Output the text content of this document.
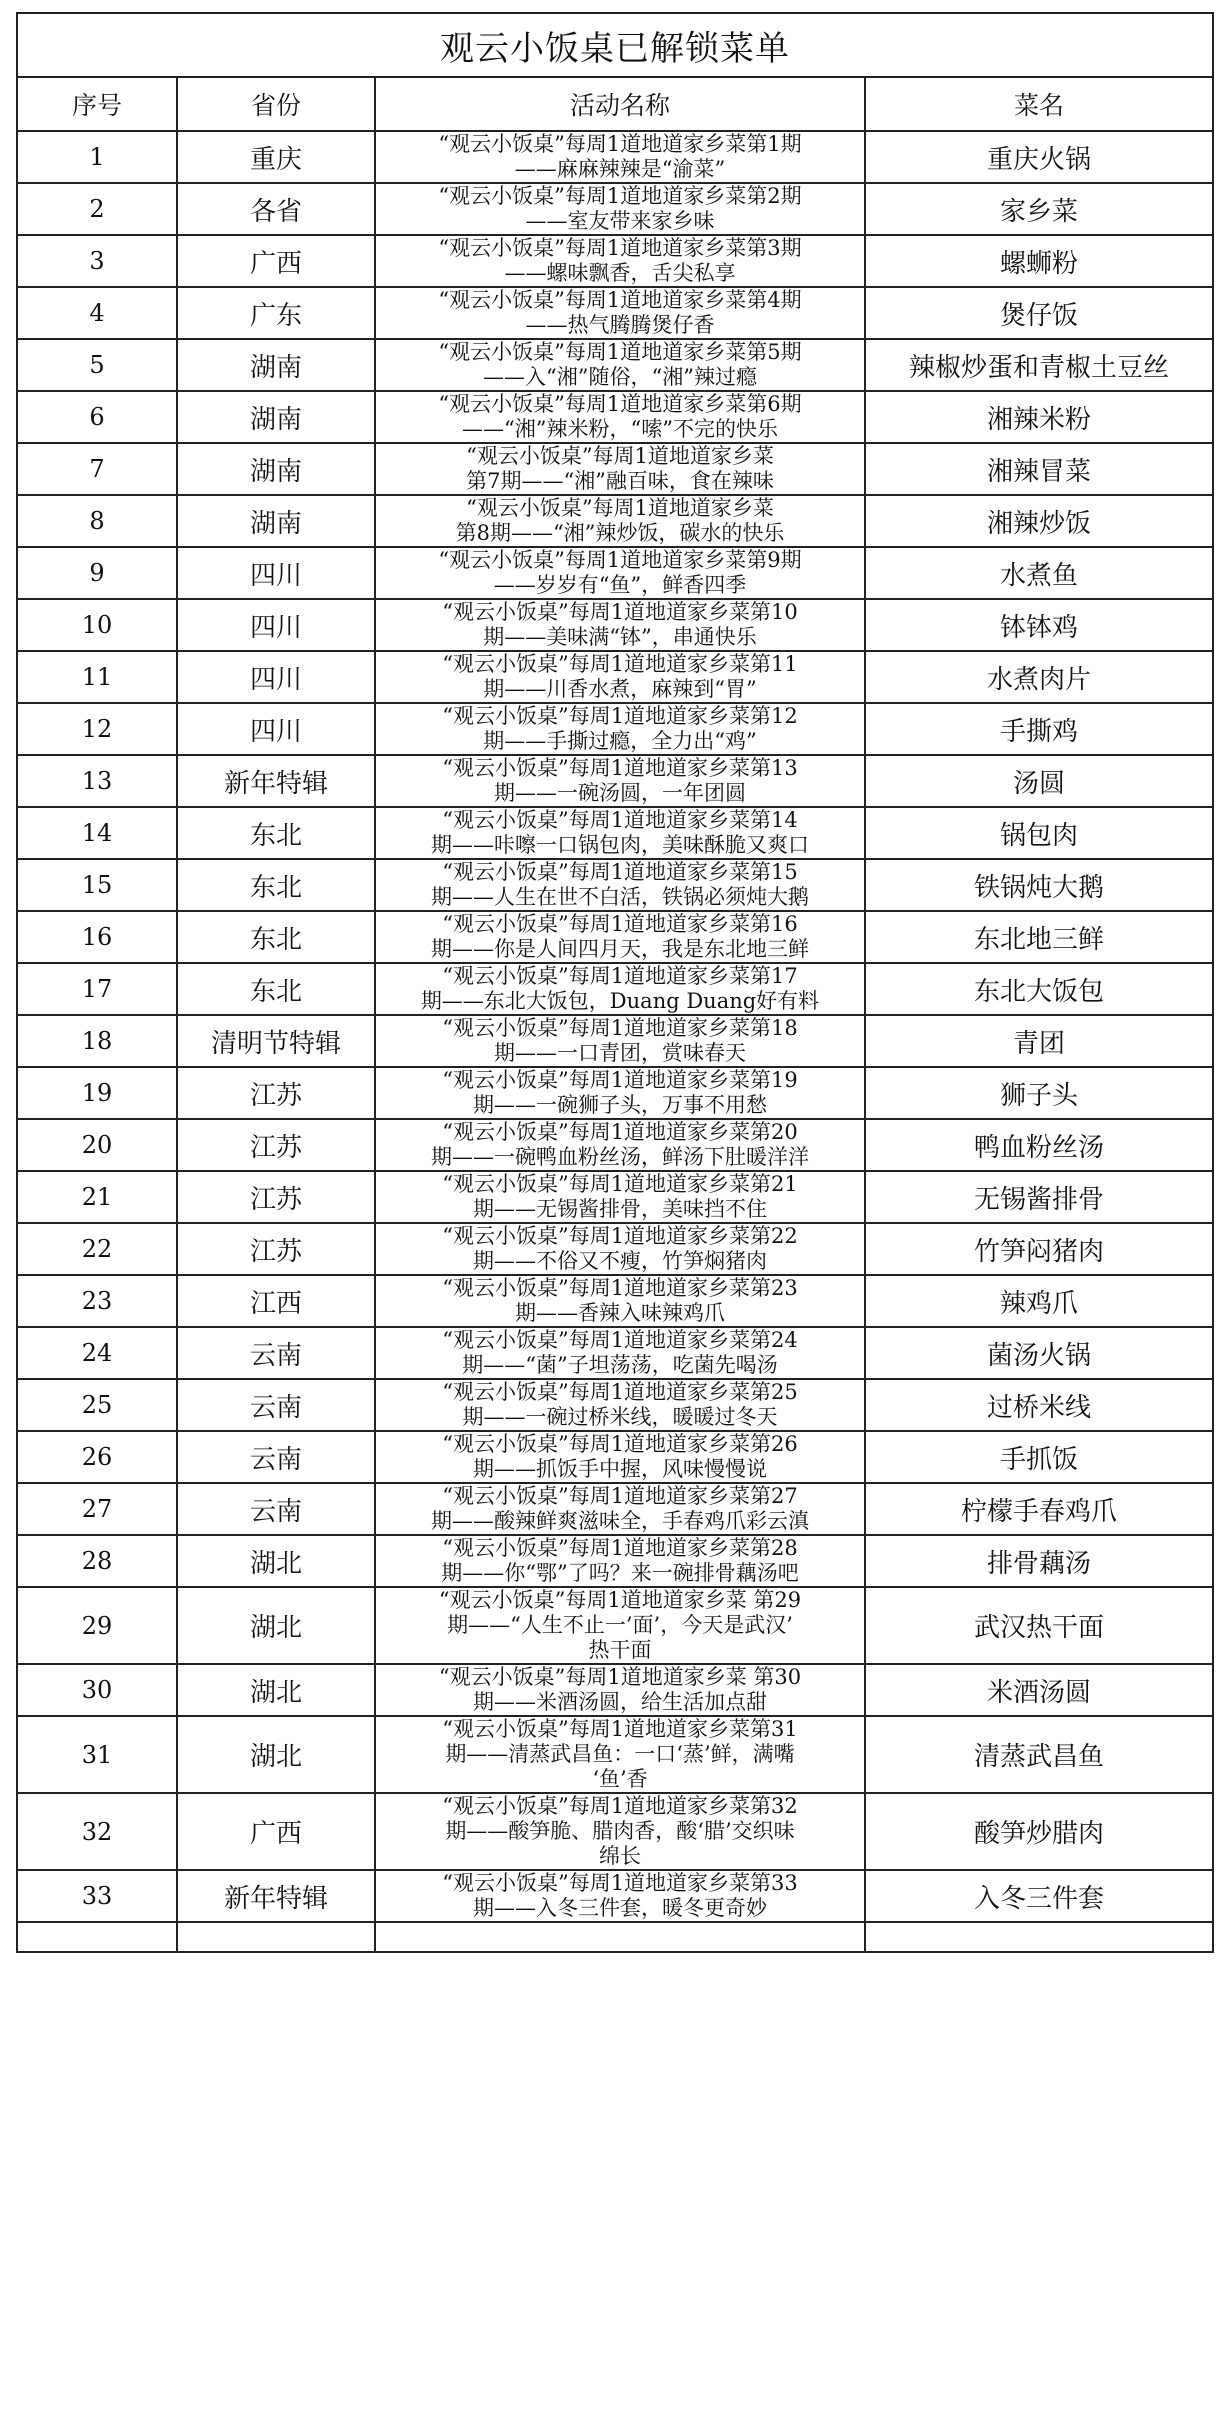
观云小饭桌已解锁菜单			
序号	省份	活动名称	菜名
1	重庆	“观云小饭桌”每周1道地道家乡菜第1期
——麻麻辣辣是“渝菜”	重庆火锅
2	各省	“观云小饭桌”每周1道地道家乡菜第2期
——室友带来家乡味	家乡菜
3	广西	“观云小饭桌”每周1道地道家乡菜第3期
——螺味飘香，舌尖私享	螺蛳粉
4	广东	“观云小饭桌”每周1道地道家乡菜第4期
——热气腾腾煲仔香	煲仔饭
5	湖南	“观云小饭桌”每周1道地道家乡菜第5期
——入“湘”随俗，“湘”辣过瘾	辣椒炒蛋和青椒土豆丝
6	湖南	“观云小饭桌”每周1道地道家乡菜第6期
——“湘”辣米粉，“嗦”不完的快乐	湘辣米粉
7	湖南	“观云小饭桌”每周1道地道家乡菜
第7期——“湘”融百味，食在辣味	湘辣冒菜
8	湖南	“观云小饭桌”每周1道地道家乡菜
第8期——“湘”辣炒饭，碳水的快乐	湘辣炒饭
9	四川	“观云小饭桌”每周1道地道家乡菜第9期
——岁岁有“鱼”，鲜香四季	水煮鱼
10	四川	“观云小饭桌”每周1道地道家乡菜第10
期——美味满“钵”，串通快乐	钵钵鸡
11	四川	“观云小饭桌”每周1道地道家乡菜第11
期——川香水煮，麻辣到“胃”	水煮肉片
12	四川	“观云小饭桌”每周1道地道家乡菜第12
期——手撕过瘾，全力出“鸡”	手撕鸡
13	新年特辑	“观云小饭桌”每周1道地道家乡菜第13
期——一碗汤圆，一年团圆	汤圆
14	东北	“观云小饭桌”每周1道地道家乡菜第14
期——咔嚓一口锅包肉，美味酥脆又爽口	锅包肉
15	东北	“观云小饭桌”每周1道地道家乡菜第15
期——人生在世不白活，铁锅必须炖大鹅	铁锅炖大鹅
16	东北	“观云小饭桌”每周1道地道家乡菜第16
期——你是人间四月天，我是东北地三鲜	东北地三鲜
17	东北	“观云小饭桌”每周1道地道家乡菜第17
期——东北大饭包，Duang Duang好有料	东北大饭包
18	清明节特辑	“观云小饭桌”每周1道地道家乡菜第18
期——一口青团，赏味春天	青团
19	江苏	“观云小饭桌”每周1道地道家乡菜第19
期——一碗狮子头，万事不用愁	狮子头
20	江苏	“观云小饭桌”每周1道地道家乡菜第20
期——一碗鸭血粉丝汤，鲜汤下肚暖洋洋	鸭血粉丝汤
21	江苏	“观云小饭桌”每周1道地道家乡菜第21
期——无锡酱排骨，美味挡不住	无锡酱排骨
22	江苏	“观云小饭桌”每周1道地道家乡菜第22
期——不俗又不瘦，竹笋焖猪肉	竹笋闷猪肉
23	江西	“观云小饭桌”每周1道地道家乡菜第23
期——香辣入味辣鸡爪	辣鸡爪
24	云南	“观云小饭桌”每周1道地道家乡菜第24
期——“菌”子坦荡荡，吃菌先喝汤	菌汤火锅
25	云南	“观云小饭桌”每周1道地道家乡菜第25
期——一碗过桥米线，暖暖过冬天	过桥米线
26	云南	“观云小饭桌”每周1道地道家乡菜第26
期——抓饭手中握，风味慢慢说	手抓饭
27	云南	“观云小饭桌”每周1道地道家乡菜第27
期——酸辣鲜爽滋味全，手春鸡爪彩云滇	柠檬手春鸡爪
28	湖北	“观云小饭桌”每周1道地道家乡菜第28
期——你“鄂”了吗？来一碗排骨藕汤吧	排骨藕汤
29	湖北	“观云小饭桌”每周1道地道家乡菜 第29
期——“人生不止一’面’，今天是武汉’
热干面	武汉热干面
30	湖北	“观云小饭桌”每周1道地道家乡菜 第30
期——米酒汤圆，给生活加点甜	米酒汤圆
31	湖北	“观云小饭桌”每周1道地道家乡菜第31
期——清蒸武昌鱼：一口‘蒸’鲜，满嘴
‘鱼’香	清蒸武昌鱼
32	广西	“观云小饭桌”每周1道地道家乡菜第32
期——酸笋脆、腊肉香，酸‘腊’交织味
绵长	酸笋炒腊肉
33	新年特辑	“观云小饭桌”每周1道地道家乡菜第33
期——入冬三件套，暖冬更奇妙	入冬三件套
